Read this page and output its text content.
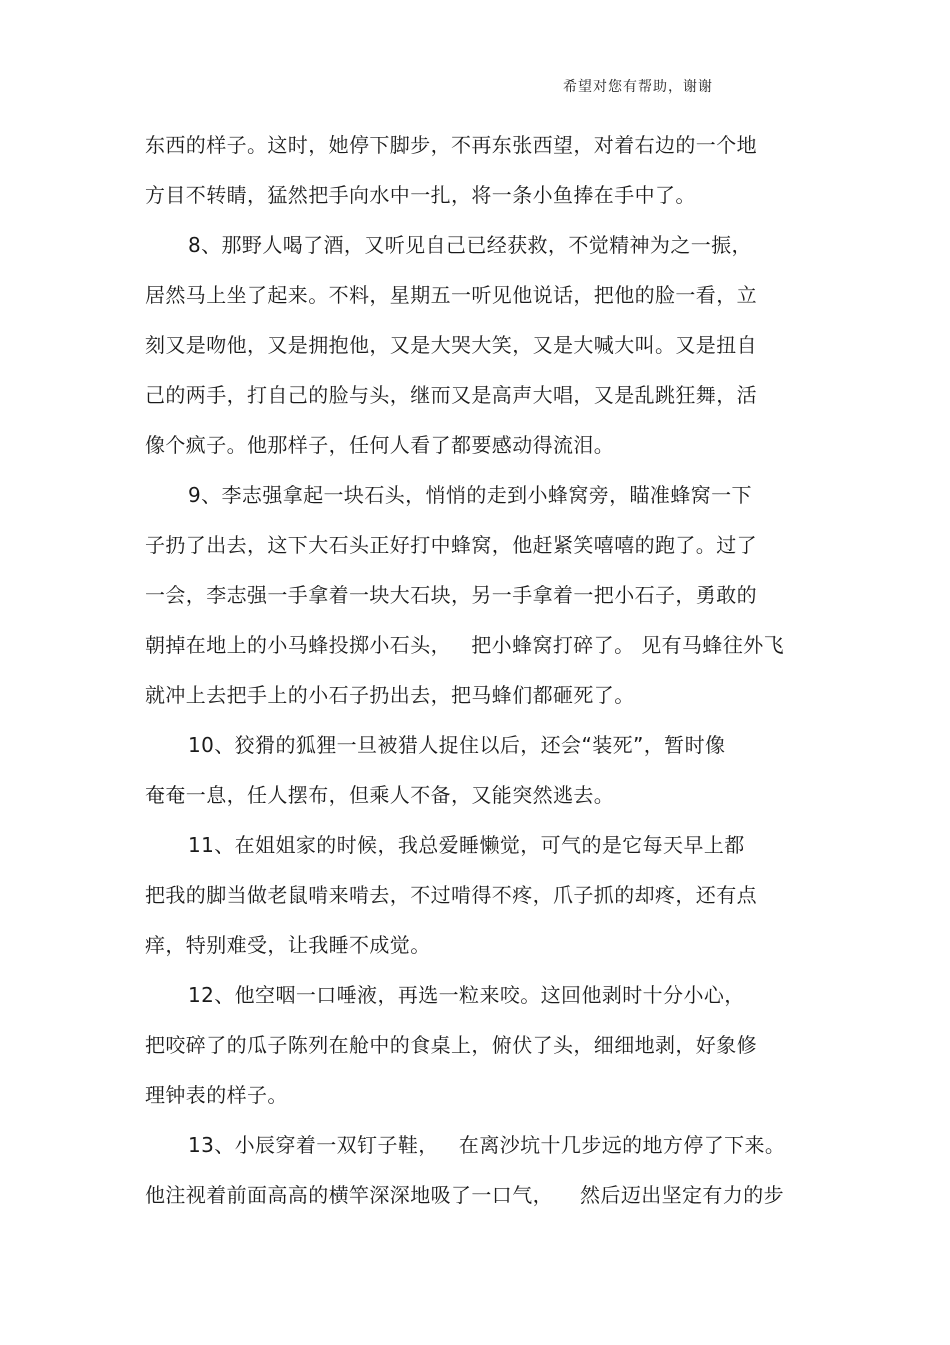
希望对您有帮助，谢谢
东西的样子。这时，她停下脚步，不再东张西望，对着右边的一个地
方目不转睛，猛然把手向水中一扎，将一条小鱼捧在手中了。
8、那野人喝了酒，又听见自己已经获救，不觉精神为之一振，
居然马上坐了起来。不料，星期五一听见他说话，把他的脸一看，立
刻又是吻他，又是拥抱他，又是大哭大笑，又是大喊大叫。又是扭自
己的两手，打自己的脸与头，继而又是高声大唱，又是乱跳狂舞，活
像个疯子。他那样子，任何人看了都要感动得流泪。
9、李志强拿起一块石头，悄悄的走到小蜂窝旁，瞄准蜂窝一下
子扔了出去，这下大石头正好打中蜂窝，他赶紧笑嘻嘻的跑了。过了
一会，李志强一手拿着一块大石块，另一手拿着一把小石子，勇敢的
朝掉在地上的小马蜂投掷小石头，   把小蜂窝打碎了。 见有马蜂往外飞
就冲上去把手上的小石子扔出去，把马蜂们都砸死了。
10、狡猾的狐狸一旦被猎人捉住以后，还会“装死”，暂时像
奄奄一息，任人摆布，但乘人不备，又能突然逃去。
11、在姐姐家的时候，我总爱睡懒觉，可气的是它每天早上都
把我的脚当做老鼠啃来啃去，不过啃得不疼，爪子抓的却疼，还有点
痒，特别难受，让我睡不成觉。
12、他空咽一口唾液，再选一粒来咬。这回他剥时十分小心，
把咬碎了的瓜子陈列在舱中的食桌上，俯伏了头，细细地剥，好象修
理钟表的样子。
13、小辰穿着一双钉子鞋，   在离沙坑十几步远的地方停了下来。
他注视着前面高高的横竿深深地吸了一口气，    然后迈出坚定有力的步
